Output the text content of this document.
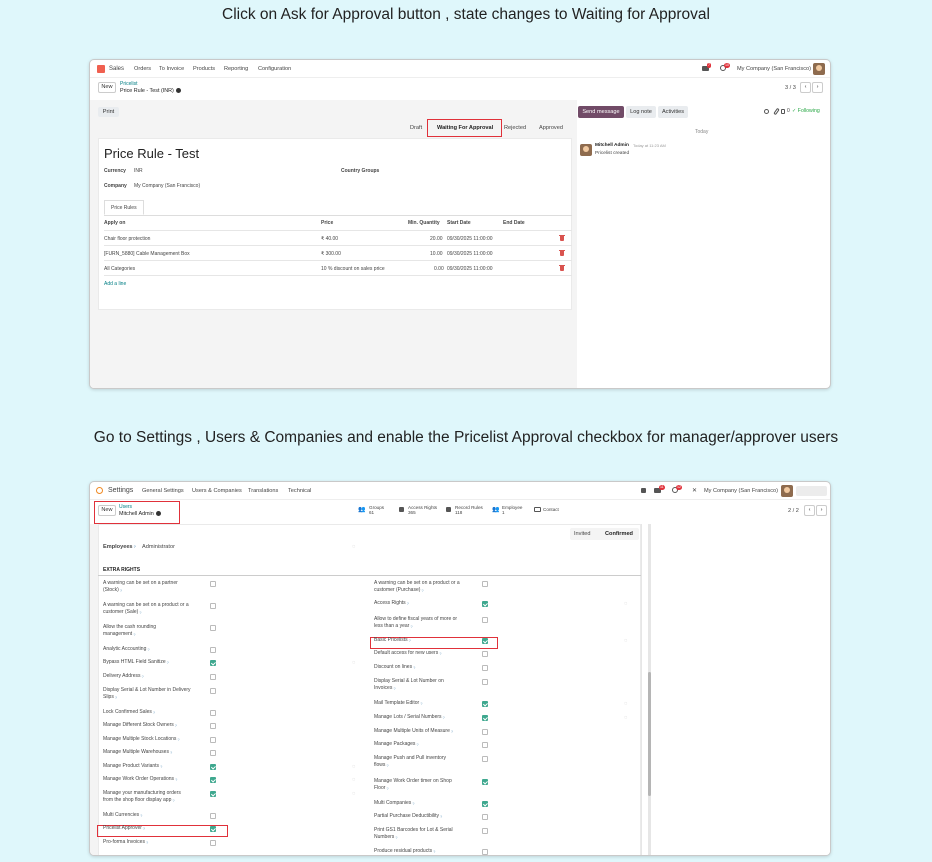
Click on Ask for Approval button , state changes to Waiting for Approval
Sales Orders To Invoice Products Reporting Configuration
7	10
My Company (San Francisco)
New	Pricelist
Price Rule - Test (INR)	3 / 3	‹	›
Print
Draft	Waiting For Approval Rejected Approved
Price Rule - Test
Currency INR	Country Groups
Company My Company (San Francisco)
Price Rules
Apply on	Price	Min. Quantity Start Date	End Date
Chair floor protection	₹ 40.00	20.00 09/30/2025 11:00:00
[FURN_5880] Cable Management Box	₹ 300.00	10.00 09/30/2025 11:00:00
All Categories	10 % discount on sales price	0.00 09/30/2025 11:00:00
Add a line
Send message	Log note	Activities	0 ✓ Following
Today
Mitchell Admin Today at 11:23 AM
Pricelist created
Go to Settings , Users & Companies and enable the Pricelist Approval checkbox for manager/approver users
Settings General Settings Users & Companies Translations Technical
11	12
✕ My Company (San Francisco)
New	Users
Mitchell Admin
👥 Groups
61
Access Rights
365
Record Rules
118	👥 Employee
1
Contact	2 / 2	‹	›
Invited	Confirmed
Employees? Administrator	◌
EXTRA RIGHTS
A warning can be set on a partner
(Stock)?
A warning can be set on a product or a
customer (Sale)?
Allow the cash rounding
management?
Analytic Accounting?
Bypass HTML Field Sanitize?	◌
Delivery Address?
Display Serial & Lot Number in Delivery
Slips?
Lock Confirmed Sales?
Manage Different Stock Owners?
Manage Multiple Stock Locations?
Manage Multiple Warehouses?
Manage Product Variants?	◌
Manage Work Order Operations?	◌
Manage your manufacturing orders
from the shop floor display app?
◌
Multi Currencies?
Pricelist Approver?
Pro-forma Invoices?
A warning can be set on a product or a
customer (Purchase)?
Access Rights?	◌
Allow to define fiscal years of more or
less than a year?
Basic Pricelists?	◌
Default access for new users?
Discount on lines?
Display Serial & Lot Number on
Invoices?
Mail Template Editor?	◌
Manage Lots / Serial Numbers?	◌
Manage Multiple Units of Measure?
Manage Packages?
Manage Push and Pull inventory
flows?
Manage Work Order timer on Shop
Floor?
Multi Companies?
Partial Purchase Deductibility?
Print GS1 Barcodes for Lot & Serial
Numbers?
Produce residual products?
